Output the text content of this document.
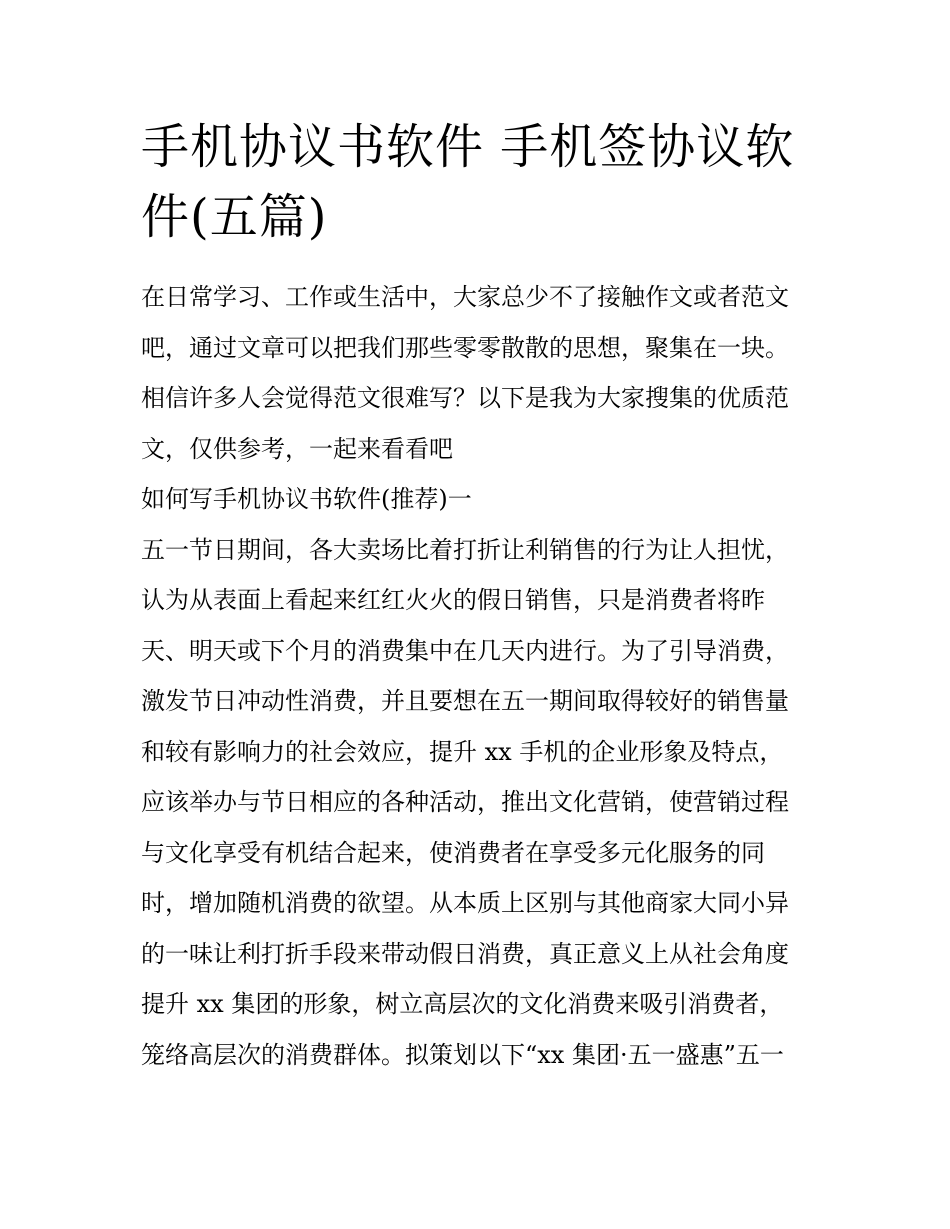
手机协议书软件 手机签协议软
件(五篇)

在日常学习、工作或生活中，大家总少不了接触作文或者范文
吧，通过文章可以把我们那些零零散散的思想，聚集在一块。
相信许多人会觉得范文很难写？以下是我为大家搜集的优质范
文，仅供参考，一起来看看吧

如何写手机协议书软件(推荐)一

五一节日期间，各大卖场比着打折让利销售的行为让人担忧，
认为从表面上看起来红红火火的假日销售，只是消费者将昨
天、明天或下个月的消费集中在几天内进行。为了引导消费，
激发节日冲动性消费，并且要想在五一期间取得较好的销售量
和较有影响力的社会效应，提升 xx 手机的企业形象及特点，
应该举办与节日相应的各种活动，推出文化营销，使营销过程
与文化享受有机结合起来，使消费者在享受多元化服务的同
时，增加随机消费的欲望。从本质上区别与其他商家大同小异
的一味让利打折手段来带动假日消费，真正意义上从社会角度
提升 xx 集团的形象，树立高层次的文化消费来吸引消费者，
笼络高层次的消费群体。拟策划以下“xx 集团·五一盛惠”五一
